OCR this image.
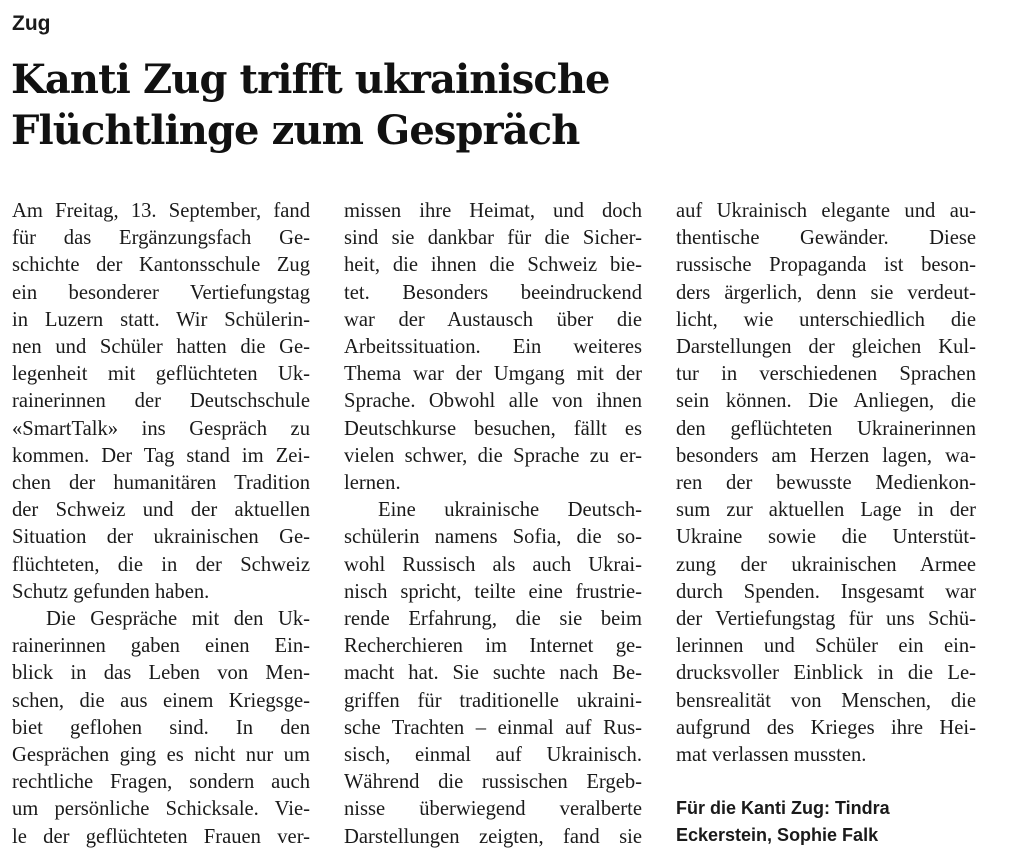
Zug
Kanti Zug trifft ukrainische
Flüchtlinge zum Gespräch
Am Freitag, 13. September, fand
für das Ergänzungsfach Ge-
schichte der Kantonsschule Zug
ein besonderer Vertiefungstag
in Luzern statt. Wir Schülerin-
nen und Schüler hatten die Ge-
legenheit mit geflüchteten Uk-
rainerinnen der Deutschschule
«SmartTalk» ins Gespräch zu
kommen. Der Tag stand im Zei-
chen der humanitären Tradition
der Schweiz und der aktuellen
Situation der ukrainischen Ge-
flüchteten, die in der Schweiz
Schutz gefunden haben.
Die Gespräche mit den Uk-
rainerinnen gaben einen Ein-
blick in das Leben von Men-
schen, die aus einem Kriegsge-
biet geflohen sind. In den
Gesprächen ging es nicht nur um
rechtliche Fragen, sondern auch
um persönliche Schicksale. Vie-
le der geflüchteten Frauen ver-
missen ihre Heimat, und doch
sind sie dankbar für die Sicher-
heit, die ihnen die Schweiz bie-
tet. Besonders beeindruckend
war der Austausch über die
Arbeitssituation. Ein weiteres
Thema war der Umgang mit der
Sprache. Obwohl alle von ihnen
Deutschkurse besuchen, fällt es
vielen schwer, die Sprache zu er-
lernen.
Eine ukrainische Deutsch-
schülerin namens Sofia, die so-
wohl Russisch als auch Ukrai-
nisch spricht, teilte eine frustrie-
rende Erfahrung, die sie beim
Recherchieren im Internet ge-
macht hat. Sie suchte nach Be-
griffen für traditionelle ukraini-
sche Trachten – einmal auf Rus-
sisch, einmal auf Ukrainisch.
Während die russischen Ergeb-
nisse überwiegend veralberte
Darstellungen zeigten, fand sie
auf Ukrainisch elegante und au-
thentische Gewänder. Diese
russische Propaganda ist beson-
ders ärgerlich, denn sie verdeut-
licht, wie unterschiedlich die
Darstellungen der gleichen Kul-
tur in verschiedenen Sprachen
sein können. Die Anliegen, die
den geflüchteten Ukrainerinnen
besonders am Herzen lagen, wa-
ren der bewusste Medienkon-
sum zur aktuellen Lage in der
Ukraine sowie die Unterstüt-
zung der ukrainischen Armee
durch Spenden. Insgesamt war
der Vertiefungstag für uns Schü-
lerinnen und Schüler ein ein-
drucksvoller Einblick in die Le-
bensrealität von Menschen, die
aufgrund des Krieges ihre Hei-
mat verlassen mussten.
Für die Kanti Zug: Tindra
Eckerstein, Sophie Falk
